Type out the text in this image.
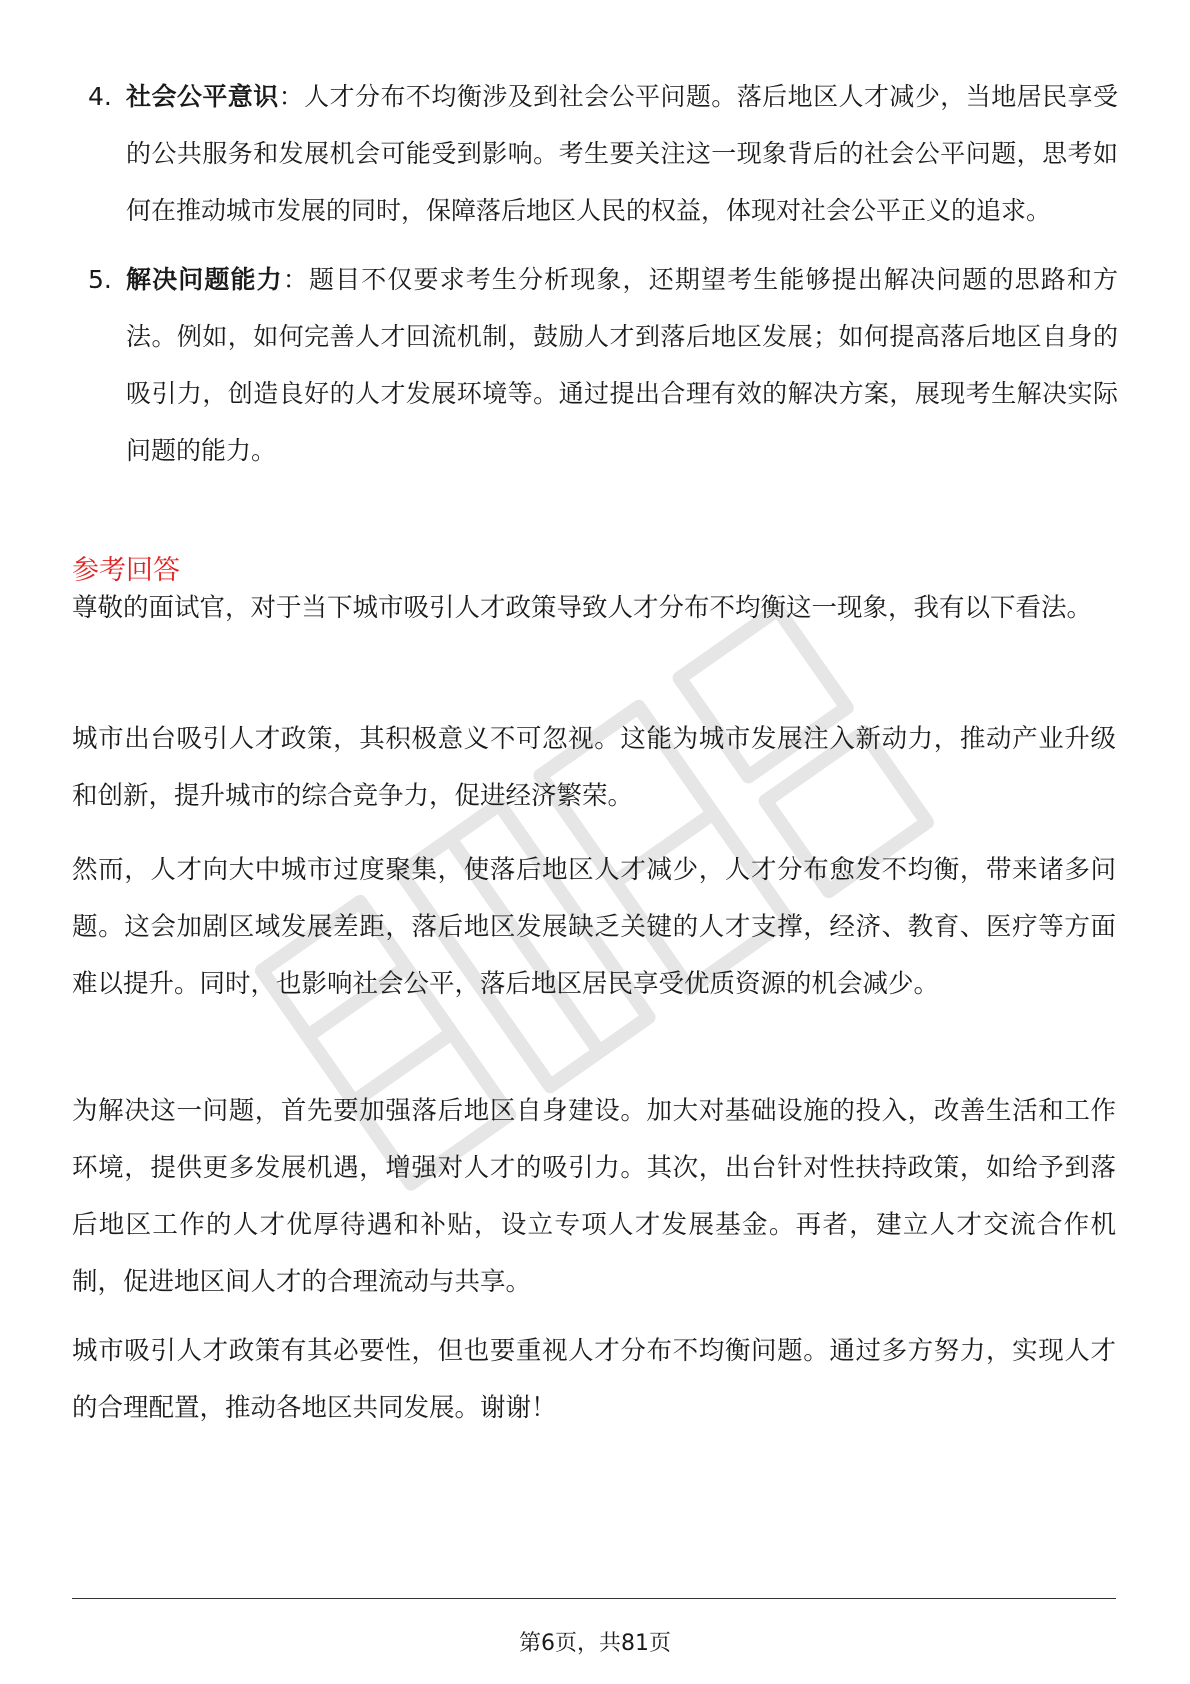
4. 社会公平意识：人才分布不均衡涉及到社会公平问题。落后地区人才减少，当地居民享受的公共服务和发展机会可能受到影响。考生要关注这一现象背后的社会公平问题，思考如何在推动城市发展的同时，保障落后地区人民的权益，体现对社会公平正义的追求。
5. 解决问题能力：题目不仅要求考生分析现象，还期望考生能够提出解决问题的思路和方法。例如，如何完善人才回流机制，鼓励人才到落后地区发展；如何提高落后地区自身的吸引力，创造良好的人才发展环境等。通过提出合理有效的解决方案，展现考生解决实际问题的能力。
参考回答
尊敬的面试官，对于当下城市吸引人才政策导致人才分布不均衡这一现象，我有以下看法。
城市出台吸引人才政策，其积极意义不可忽视。这能为城市发展注入新动力，推动产业升级和创新，提升城市的综合竞争力，促进经济繁荣。
然而，人才向大中城市过度聚集，使落后地区人才减少，人才分布愈发不均衡，带来诸多问题。这会加剧区域发展差距，落后地区发展缺乏关键的人才支撑，经济、教育、医疗等方面难以提升。同时，也影响社会公平，落后地区居民享受优质资源的机会减少。
为解决这一问题，首先要加强落后地区自身建设。加大对基础设施的投入，改善生活和工作环境，提供更多发展机遇，增强对人才的吸引力。其次，出台针对性扶持政策，如给予到落后地区工作的人才优厚待遇和补贴，设立专项人才发展基金。再者，建立人才交流合作机制，促进地区间人才的合理流动与共享。
城市吸引人才政策有其必要性，但也要重视人才分布不均衡问题。通过多方努力，实现人才的合理配置，推动各地区共同发展。谢谢！
第6页，共81页
